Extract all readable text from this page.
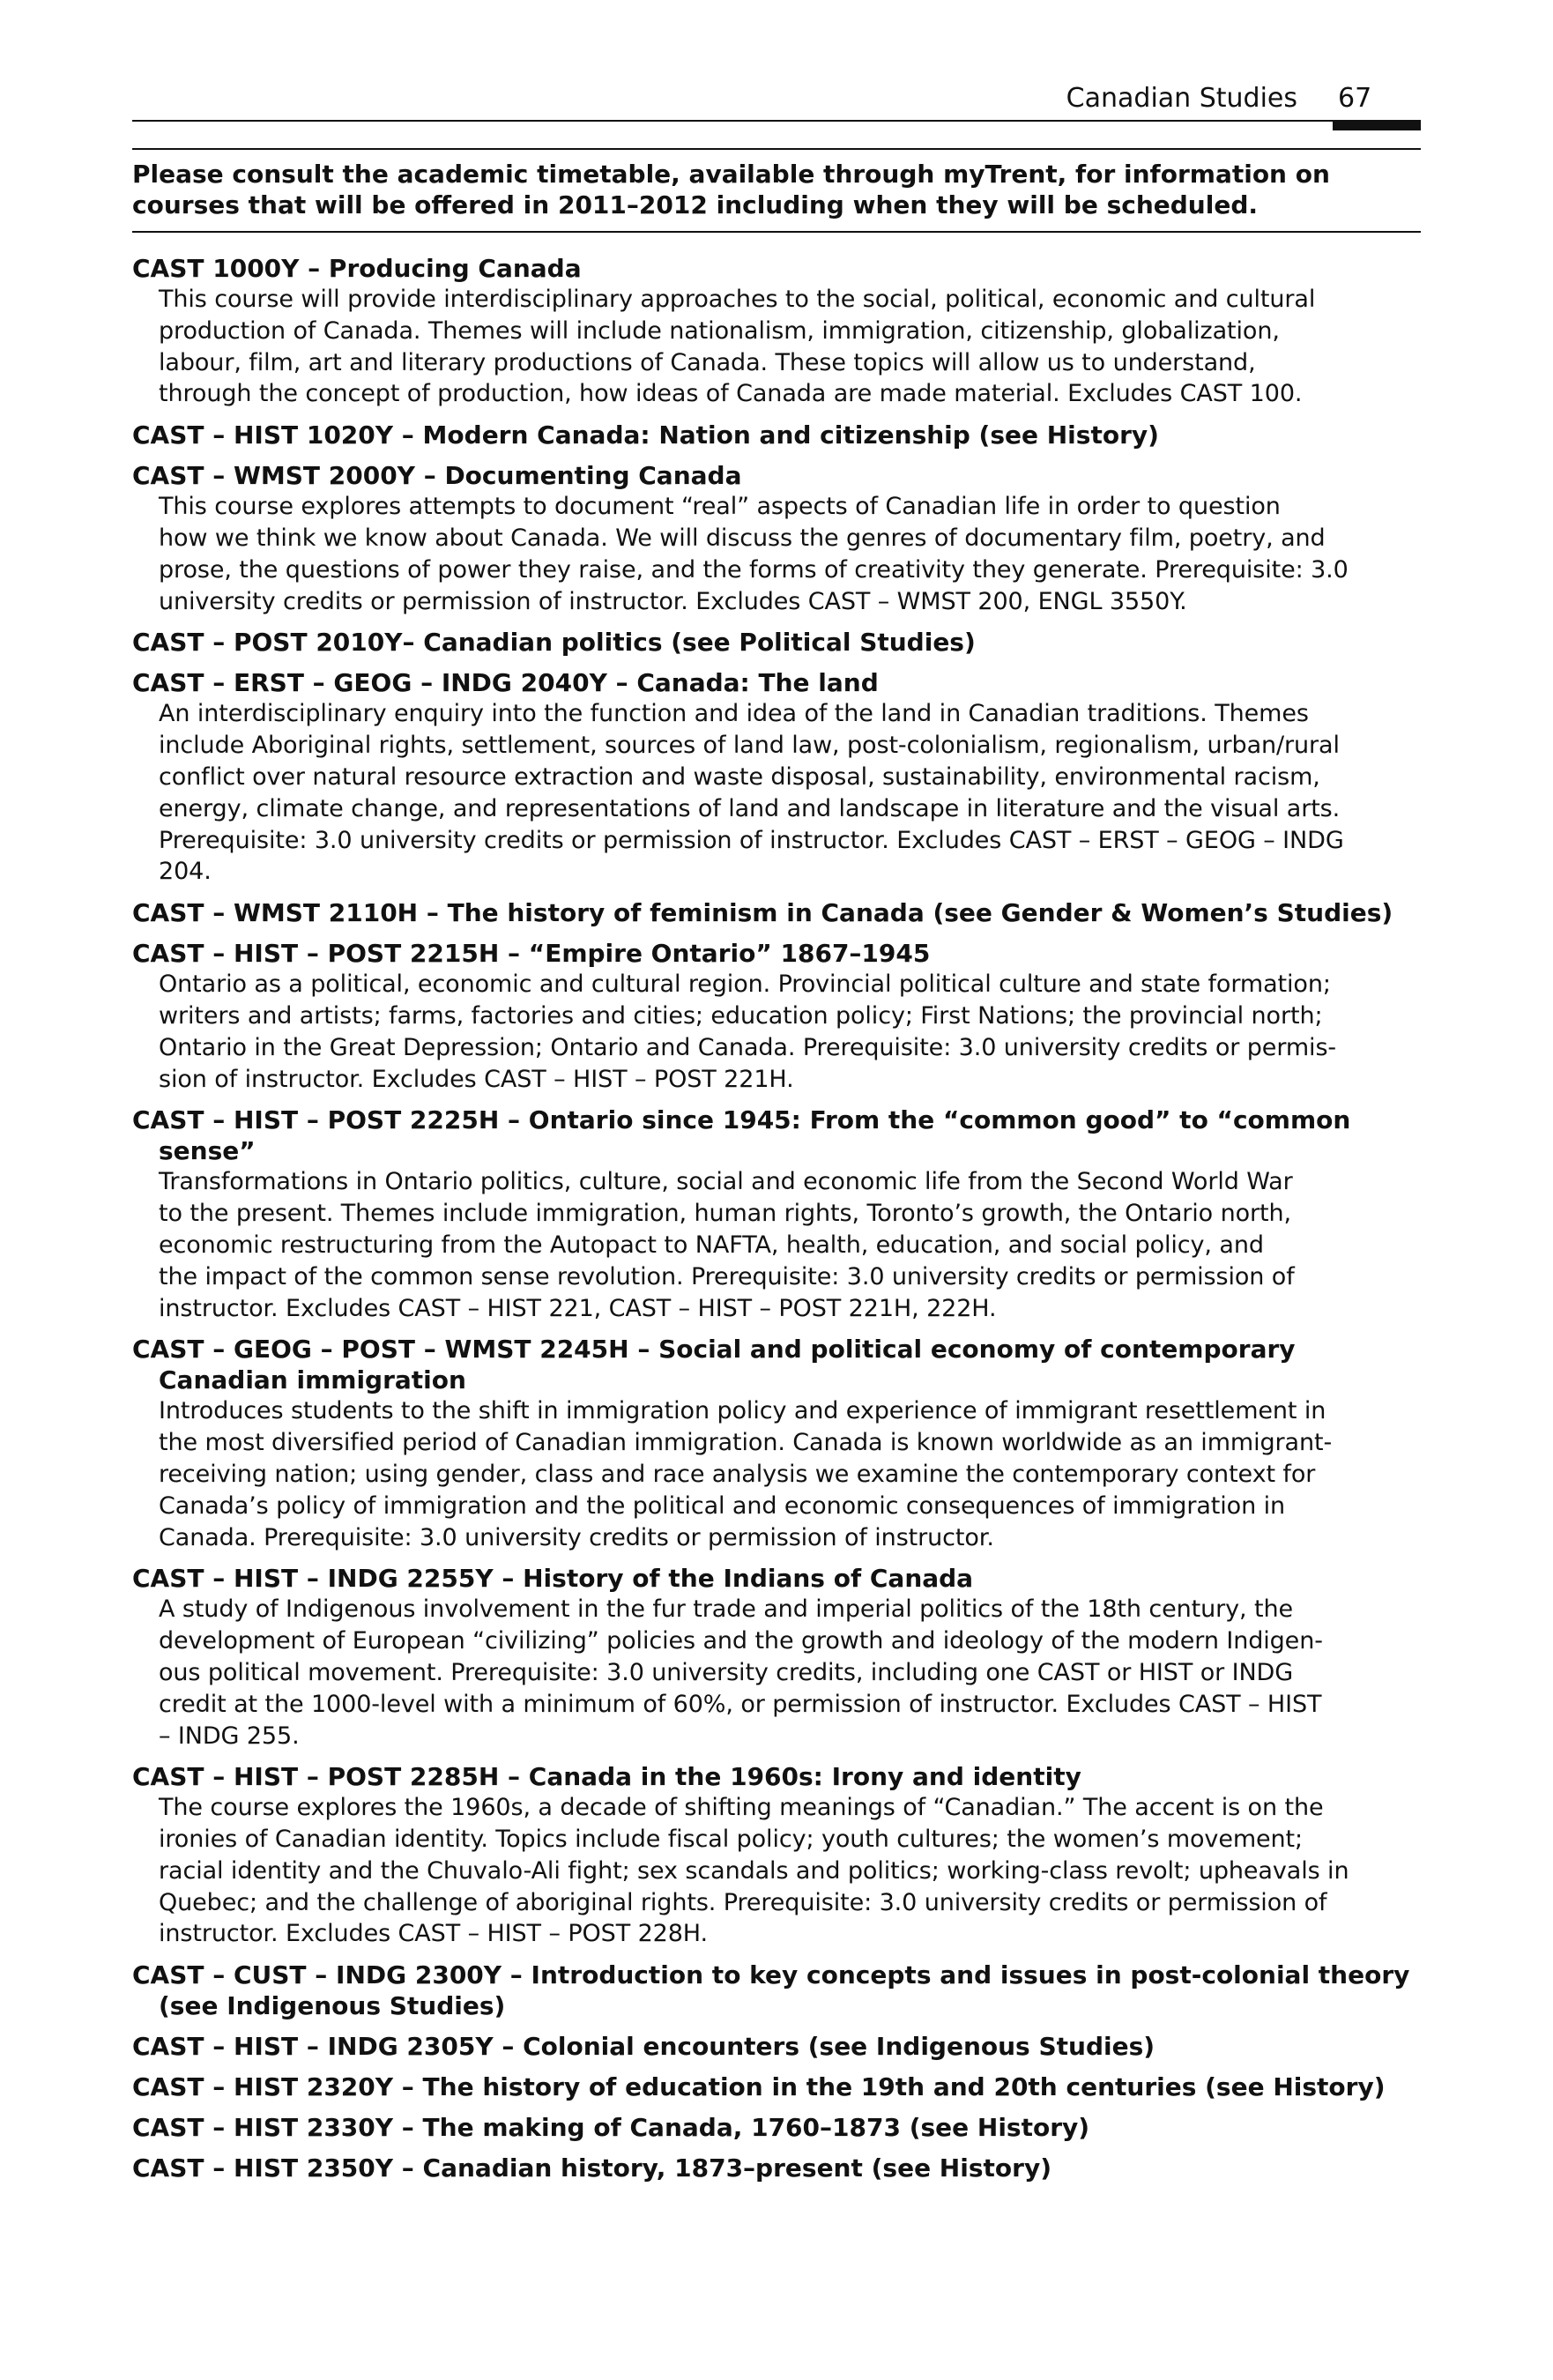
Canadian Studies 67
Please consult the academic timetable, available through myTrent, for information on courses that will be offered in 2011–2012 including when they will be scheduled.
CAST 1000Y – Producing Canada
This course will provide interdisciplinary approaches to the social, political, economic and cultural
production of Canada. Themes will include nationalism, immigration, citizenship, globalization,
labour, film, art and literary productions of Canada. These topics will allow us to understand,
through the concept of production, how ideas of Canada are made material. Excludes CAST 100.
CAST – HIST 1020Y – Modern Canada: Nation and citizenship (see History)
CAST – WMST 2000Y – Documenting Canada
This course explores attempts to document “real” aspects of Canadian life in order to question
how we think we know about Canada. We will discuss the genres of documentary film, poetry, and
prose, the questions of power they raise, and the forms of creativity they generate. Prerequisite: 3.0
university credits or permission of instructor. Excludes CAST – WMST 200, ENGL 3550Y.
CAST – POST 2010Y– Canadian politics (see Political Studies)
CAST – ERST – GEOG – INDG 2040Y – Canada: The land
An interdisciplinary enquiry into the function and idea of the land in Canadian traditions. Themes
include Aboriginal rights, settlement, sources of land law, post-colonialism, regionalism, urban/rural
conflict over natural resource extraction and waste disposal, sustainability, environmental racism,
energy, climate change, and representations of land and landscape in literature and the visual arts.
Prerequisite: 3.0 university credits or permission of instructor. Excludes CAST – ERST – GEOG – INDG
204.
CAST – WMST 2110H – The history of feminism in Canada (see Gender & Women’s Studies)
CAST – HIST – POST 2215H – “Empire Ontario” 1867–1945
Ontario as a political, economic and cultural region. Provincial political culture and state formation;
writers and artists; farms, factories and cities; education policy; First Nations; the provincial north;
Ontario in the Great Depression; Ontario and Canada. Prerequisite: 3.0 university credits or permis-
sion of instructor. Excludes CAST – HIST – POST 221H.
CAST – HIST – POST 2225H – Ontario since 1945: From the “common good” to “common
sense”
Transformations in Ontario politics, culture, social and economic life from the Second World War
to the present. Themes include immigration, human rights, Toronto’s growth, the Ontario north,
economic restructuring from the Autopact to NAFTA, health, education, and social policy, and
the impact of the common sense revolution. Prerequisite: 3.0 university credits or permission of
instructor. Excludes CAST – HIST 221, CAST – HIST – POST 221H, 222H.
CAST – GEOG – POST – WMST 2245H – Social and political economy of contemporary
Canadian immigration
Introduces students to the shift in immigration policy and experience of immigrant resettlement in
the most diversified period of Canadian immigration. Canada is known worldwide as an immigrant-
receiving nation; using gender, class and race analysis we examine the contemporary context for
Canada’s policy of immigration and the political and economic consequences of immigration in
Canada. Prerequisite: 3.0 university credits or permission of instructor.
CAST – HIST – INDG 2255Y – History of the Indians of Canada
A study of Indigenous involvement in the fur trade and imperial politics of the 18th century, the
development of European “civilizing” policies and the growth and ideology of the modern Indigen-
ous political movement. Prerequisite: 3.0 university credits, including one CAST or HIST or INDG
credit at the 1000-level with a minimum of 60%, or permission of instructor. Excludes CAST – HIST
– INDG 255.
CAST – HIST – POST 2285H – Canada in the 1960s: Irony and identity
The course explores the 1960s, a decade of shifting meanings of “Canadian.” The accent is on the
ironies of Canadian identity. Topics include fiscal policy; youth cultures; the women’s movement;
racial identity and the Chuvalo-Ali fight; sex scandals and politics; working-class revolt; upheavals in
Quebec; and the challenge of aboriginal rights. Prerequisite: 3.0 university credits or permission of
instructor. Excludes CAST – HIST – POST 228H.
CAST – CUST – INDG 2300Y – Introduction to key concepts and issues in post-colonial theory
(see Indigenous Studies)
CAST – HIST – INDG 2305Y – Colonial encounters (see Indigenous Studies)
CAST – HIST 2320Y – The history of education in the 19th and 20th centuries (see History)
CAST – HIST 2330Y – The making of Canada, 1760–1873 (see History)
CAST – HIST 2350Y – Canadian history, 1873–present (see History)
